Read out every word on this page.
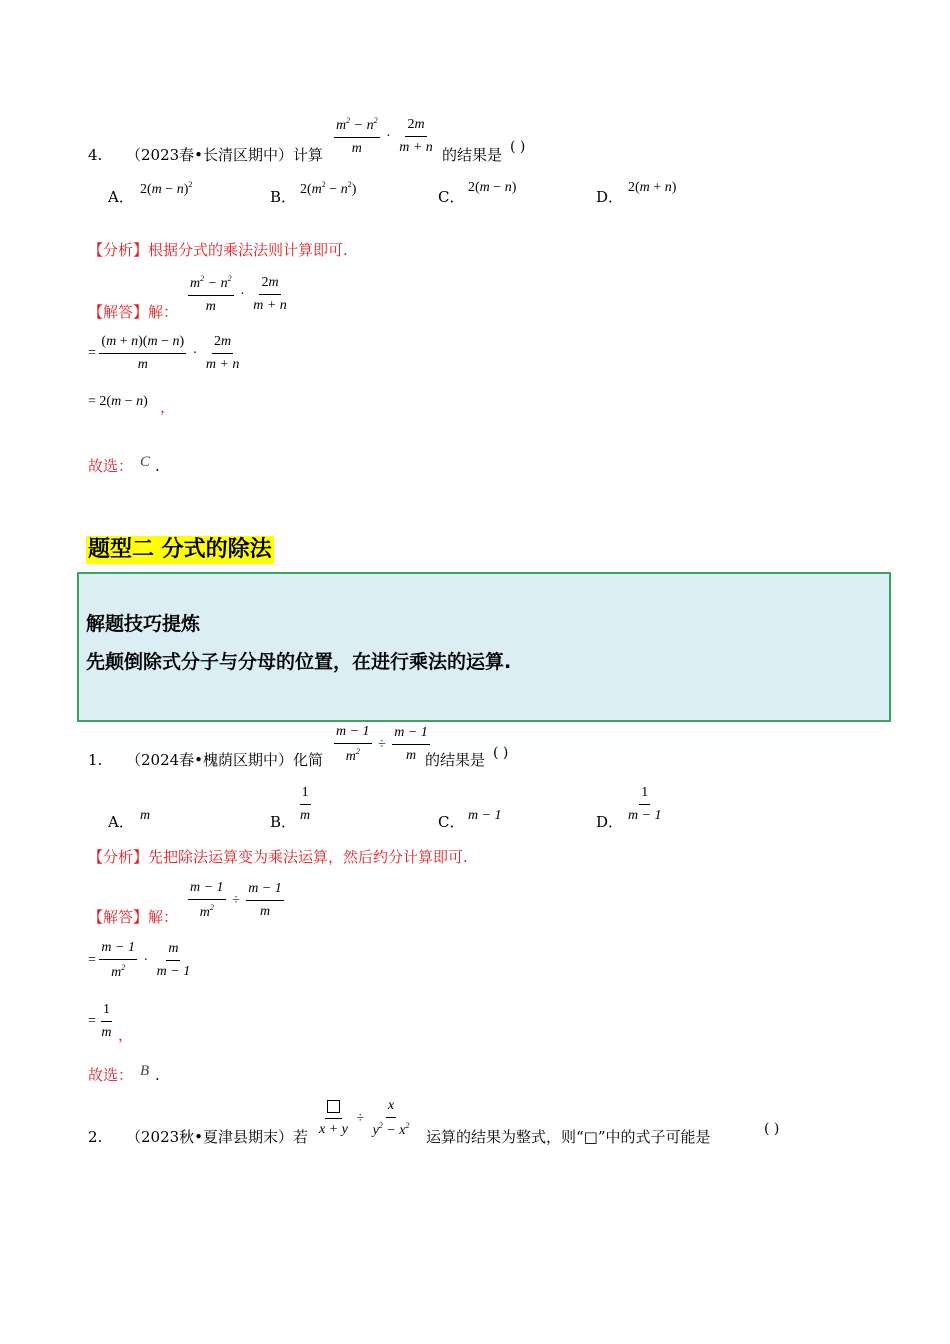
4. （2023春•长清区期中）计算 $\frac{m^2 - n^2}{m} \cdot \frac{2m}{m + n}$ 的结果是 ( )
A． $2(m - n)^2$
B． $2(m^2 - n^2)$	C．
2(m − n)
D．
2(m + n)
【分析】根据分式的乘法法则计算即可.
【解答】解： $\frac{m^2 - n^2}{m} \cdot \frac{2m}{m + n}$
= $\frac{(m + n)(m - n)}{m} \cdot \frac{2m}{m + n}$
= 2(m − n) ，
故选： C .
题型二 分式的除法
解题技巧提炼
先颠倒除式分子与分母的位置，在进行乘法的运算.
1. （2024春•槐荫区期中）化简 $\frac{m - 1}{m^2} \div \frac{m - 1}{m}$
的结果是 ( )
A． m	B． $\frac{1}{m}$	C． m − 1	D． $\frac{1}{m - 1}$
【分析】先把除法运算变为乘法运算，然后约分计算即可.
【解答】解： $\frac{m - 1}{m^2} \div \frac{m - 1}{m}$
= $\frac{m - 1}{m^2} \cdot \frac{m}{m - 1}$
= $\frac{1}{m}$ ，
故选： B .
2. （2023秋•夏津县期末）若 x + y
÷ $\frac{x}{y^2 - x^2}$ 运算的结果为整式，则“□”中的式子可能是	( )
